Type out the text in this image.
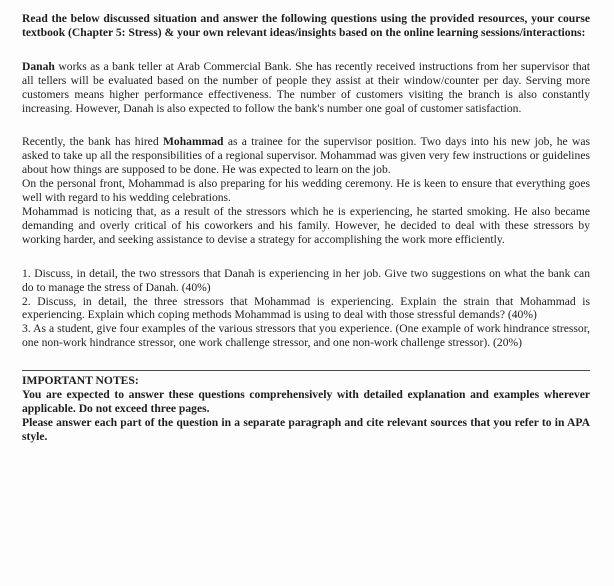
Read the below discussed situation and answer the following questions using the provided resources, your course textbook (Chapter 5: Stress) & your own relevant ideas/insights based on the online learning sessions/interactions:

Danah works as a bank teller at Arab Commercial Bank. She has recently received instructions from her supervisor that all tellers will be evaluated based on the number of people they assist at their window/counter per day. Serving more customers means higher performance effectiveness. The number of customers visiting the branch is also constantly increasing. However, Danah is also expected to follow the bank's number one goal of customer satisfaction.

Recently, the bank has hired Mohammad as a trainee for the supervisor position. Two days into his new job, he was asked to take up all the responsibilities of a regional supervisor. Mohammad was given very few instructions or guidelines about how things are supposed to be done. He was expected to learn on the job.

On the personal front, Mohammad is also preparing for his wedding ceremony. He is keen to ensure that everything goes well with regard to his wedding celebrations.

Mohammad is noticing that, as a result of the stressors which he is experiencing, he started smoking. He also became demanding and overly critical of his coworkers and his family. However, he decided to deal with these stressors by working harder, and seeking assistance to devise a strategy for accomplishing the work more efficiently.

1. Discuss, in detail, the two stressors that Danah is experiencing in her job. Give two suggestions on what the bank can do to manage the stress of Danah. (40%)

2. Discuss, in detail, the three stressors that Mohammad is experiencing. Explain the strain that Mohammad is experiencing. Explain which coping methods Mohammad is using to deal with those stressful demands? (40%)

3. As a student, give four examples of the various stressors that you experience. (One example of work hindrance stressor, one non-work hindrance stressor, one work challenge stressor, and one non-work challenge stressor). (20%)

IMPORTANT NOTES:

You are expected to answer these questions comprehensively with detailed explanation and examples wherever applicable. Do not exceed three pages.

Please answer each part of the question in a separate paragraph and cite relevant sources that you refer to in APA style.
